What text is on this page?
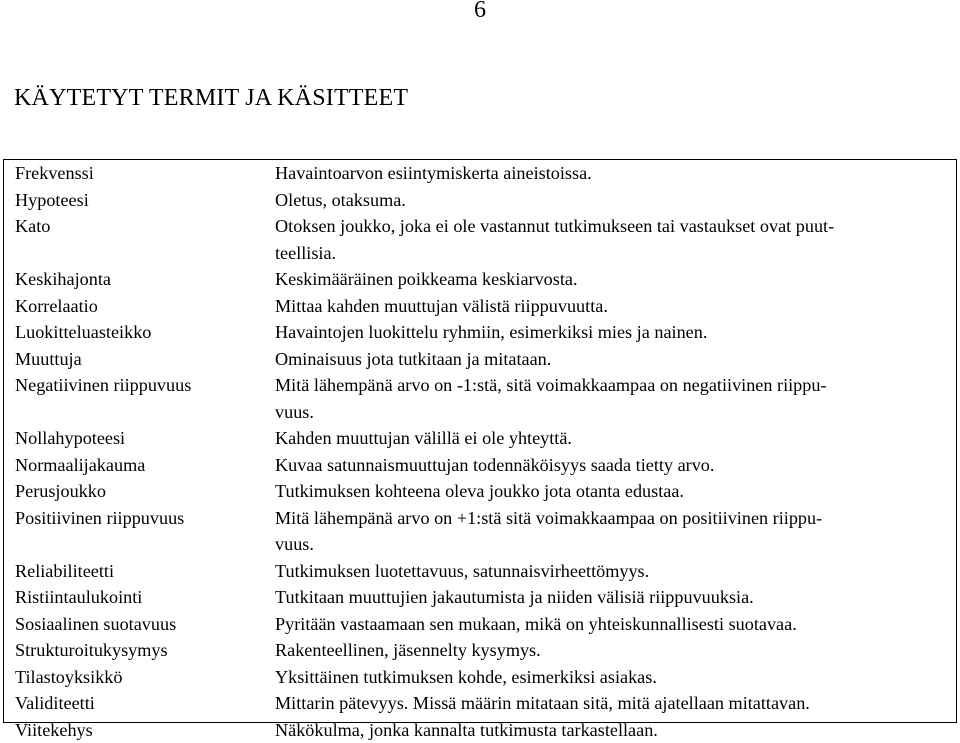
6
KÄYTETYT TERMIT JA KÄSITTEET
Frekvenssi	Havaintoarvon esiintymiskerta aineistoissa.

Hypoteesi	Oletus, otaksuma.

Kato	Otoksen joukko, joka ei ole vastannut tutkimukseen tai vastaukset ovat puut -
teellisia.

Keskihajonta	Keskimääräinen poikkeama keskiarvosta.

Korrelaatio	Mittaa kahden muuttujan välistä riippuvuutta.

Luokitteluasteikko	Havaintojen luokittelu ryhmiin, esimerkiksi mies ja nainen.

Muuttuja	Ominaisuus jota tutkitaan ja mitataan.

Negatiivinen riippuvuus	Mitä lähempänä arvo on -1:stä, sitä voimakkaampaa on negatiivinen riippu -
vuus.

Nollahypoteesi	Kahden muuttujan välillä ei ole yhteyttä.

Normaalijakauma	Kuvaa satunnaismuuttujan todennäköisyys saada tietty arvo.

Perusjoukko	Tutkimuksen kohteena oleva joukko jota otanta edustaa.

Positiivinen riippuvuus	Mitä lähempänä arvo on +1:stä sitä voimakkaampaa on positiivinen riippu -
vuus.

Reliabiliteetti	Tutkimuksen luotettavuus, satunnaisvirheettömyys.

Ristiintaulukointi	Tutkitaan muuttujien jakautumista ja niiden välisiä riippuvuuksia.

Sosiaalinen suotavuus	Pyritään vastaamaan sen mukaan, mikä on yhteiskunnallisesti suotavaa.

Strukturoitukysymys	Rakenteellinen, jäsennelty kysymys.

Tilastoyksikkö	Yksittäinen tutkimuksen kohde, esimerkiksi asiakas.

Validiteetti	Mittarin pätevyys. Missä määrin mitataan sitä, mitä ajatellaan mitattavan.

Viitekehys	Näkökulma, jonka kannalta tutkimusta tarkastellaan.
